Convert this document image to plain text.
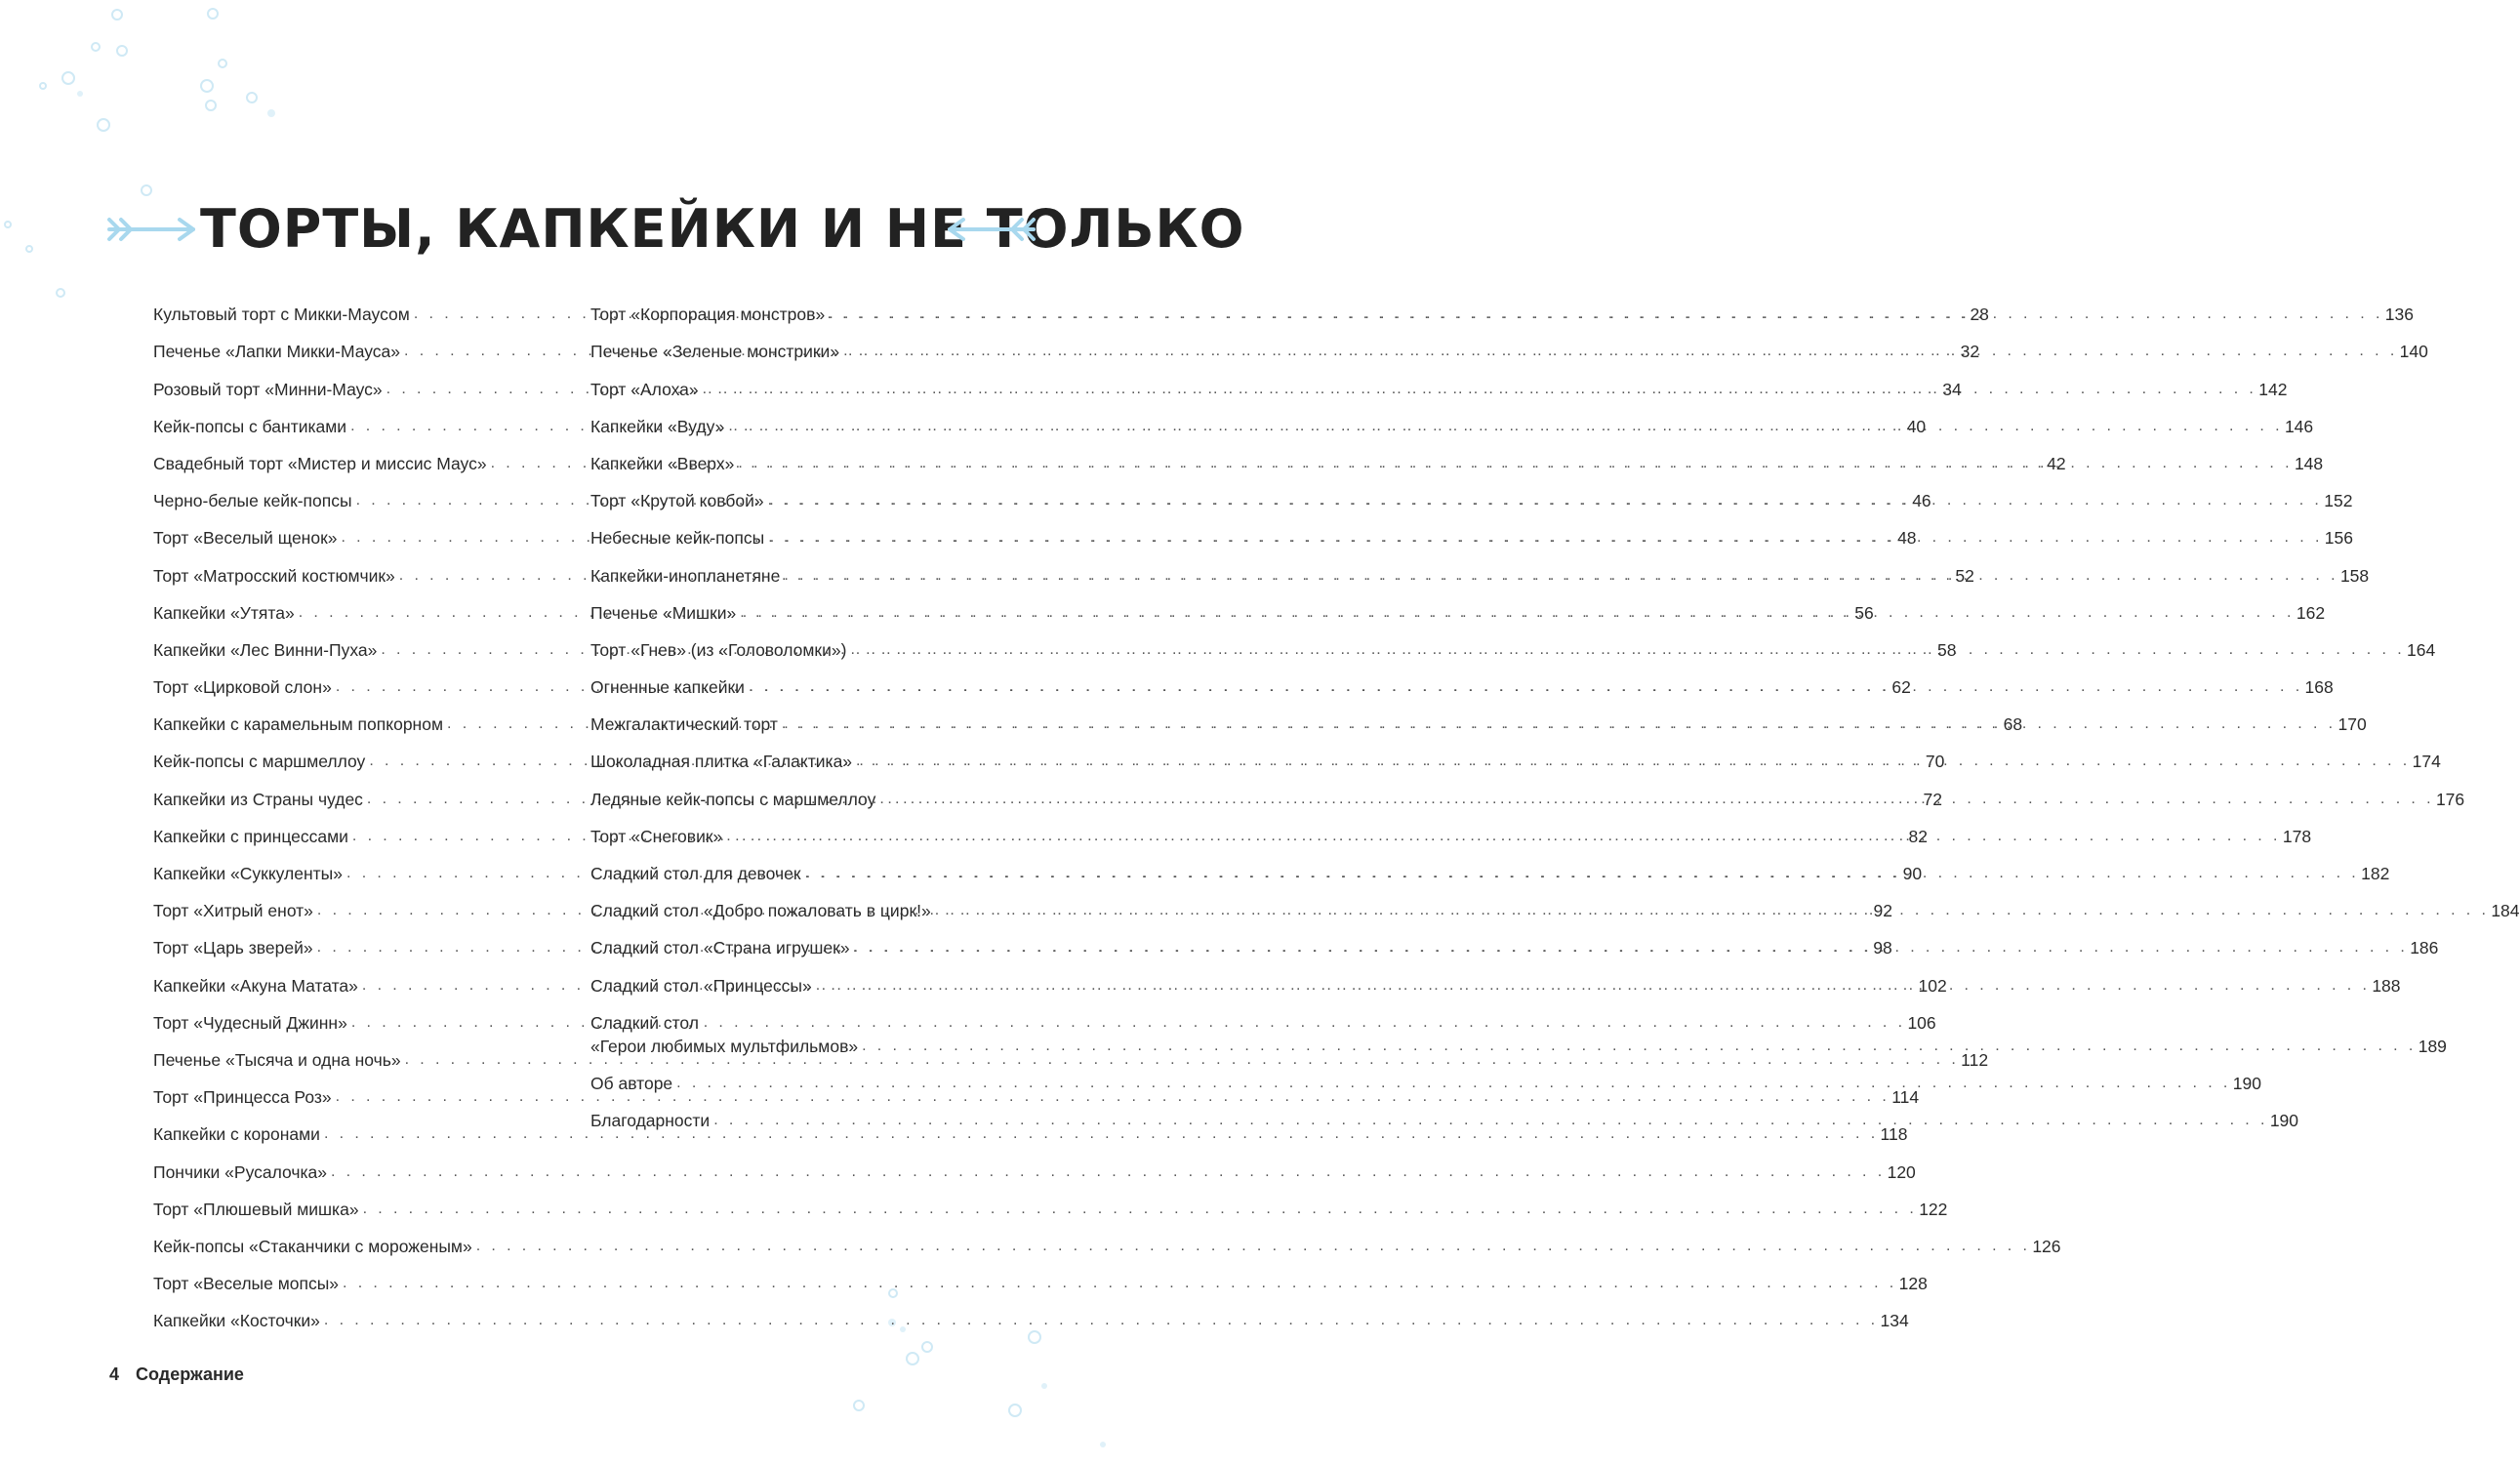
ТОРТЫ, КАПКЕЙКИ И НЕ ТОЛЬКО
Культовый торт с Микки-Маусом . . .	28
Печенье «Лапки Микки-Мауса» . . .	32
Розовый торт «Минни-Маус» . . .	34
Кейк-попсы с бантиками . . .	40
Свадебный торт «Мистер и миссис Маус» . . .	42
Черно-белые кейк-попсы . . .	46
Торт «Веселый щенок» . . .	48
Торт «Матросский костюмчик» . . .	52
Капкейки «Утята» . . .	56
Капкейки «Лес Винни-Пуха» . . .	58
Торт «Цирковой слон» . . .	62
Капкейки с карамельным попкорном . . .	68
Кейк-попсы с маршмеллоу . . .	70
Капкейки из Страны чудес . . .	72
Капкейки с принцессами . . .	82
Капкейки «Суккуленты» . . .	90
Торт «Хитрый енот» . . .	92
Торт «Царь зверей» . . .	98
Капкейки «Акуна Матата» . . .	102
Торт «Чудесный Джинн» . . .	106
Печенье «Тысяча и одна ночь» . . .	112
Торт «Принцесса Роз» . . .	114
Капкейки с коронами . . .	118
Пончики «Русалочка» . . .	120
Торт «Плюшевый мишка» . . .	122
Кейк-попсы «Стаканчики с мороженым» . . .	126
Торт «Веселые мопсы» . . .	128
Капкейки «Косточки» . . .	134
Торт «Корпорация монстров» . . .	136
Печенье «Зеленые монстрики» . . .	140
Торт «Алоха» . . .	142
Капкейки «Вуду» . . .	146
Капкейки «Вверх» . . .	148
Торт «Крутой ковбой» . . .	152
Небесные кейк-попсы . . .	156
Капкейки-инопланетяне . . .	158
Печенье «Мишки» . . .	162
Торт «Гнев» (из «Головоломки») . . .	164
Огненные капкейки . . .	168
Межгалактический торт . . .	170
Шоколадная плитка «Галактика» . . .	174
Ледяные кейк-попсы с маршмеллоу . . .	176
Торт «Снеговик» . . .	178
Сладкий стол для девочек . . .	182
Сладкий стол «Добро пожаловать в цирк!» . . .	184
Сладкий стол «Страна игрушек» . . .	186
Сладкий стол «Принцессы» . . .	188
Сладкий стол
«Герои любимых мультфильмов» . . .	189
Об авторе . . .	190
Благодарности . . .	190
4 Содержание
